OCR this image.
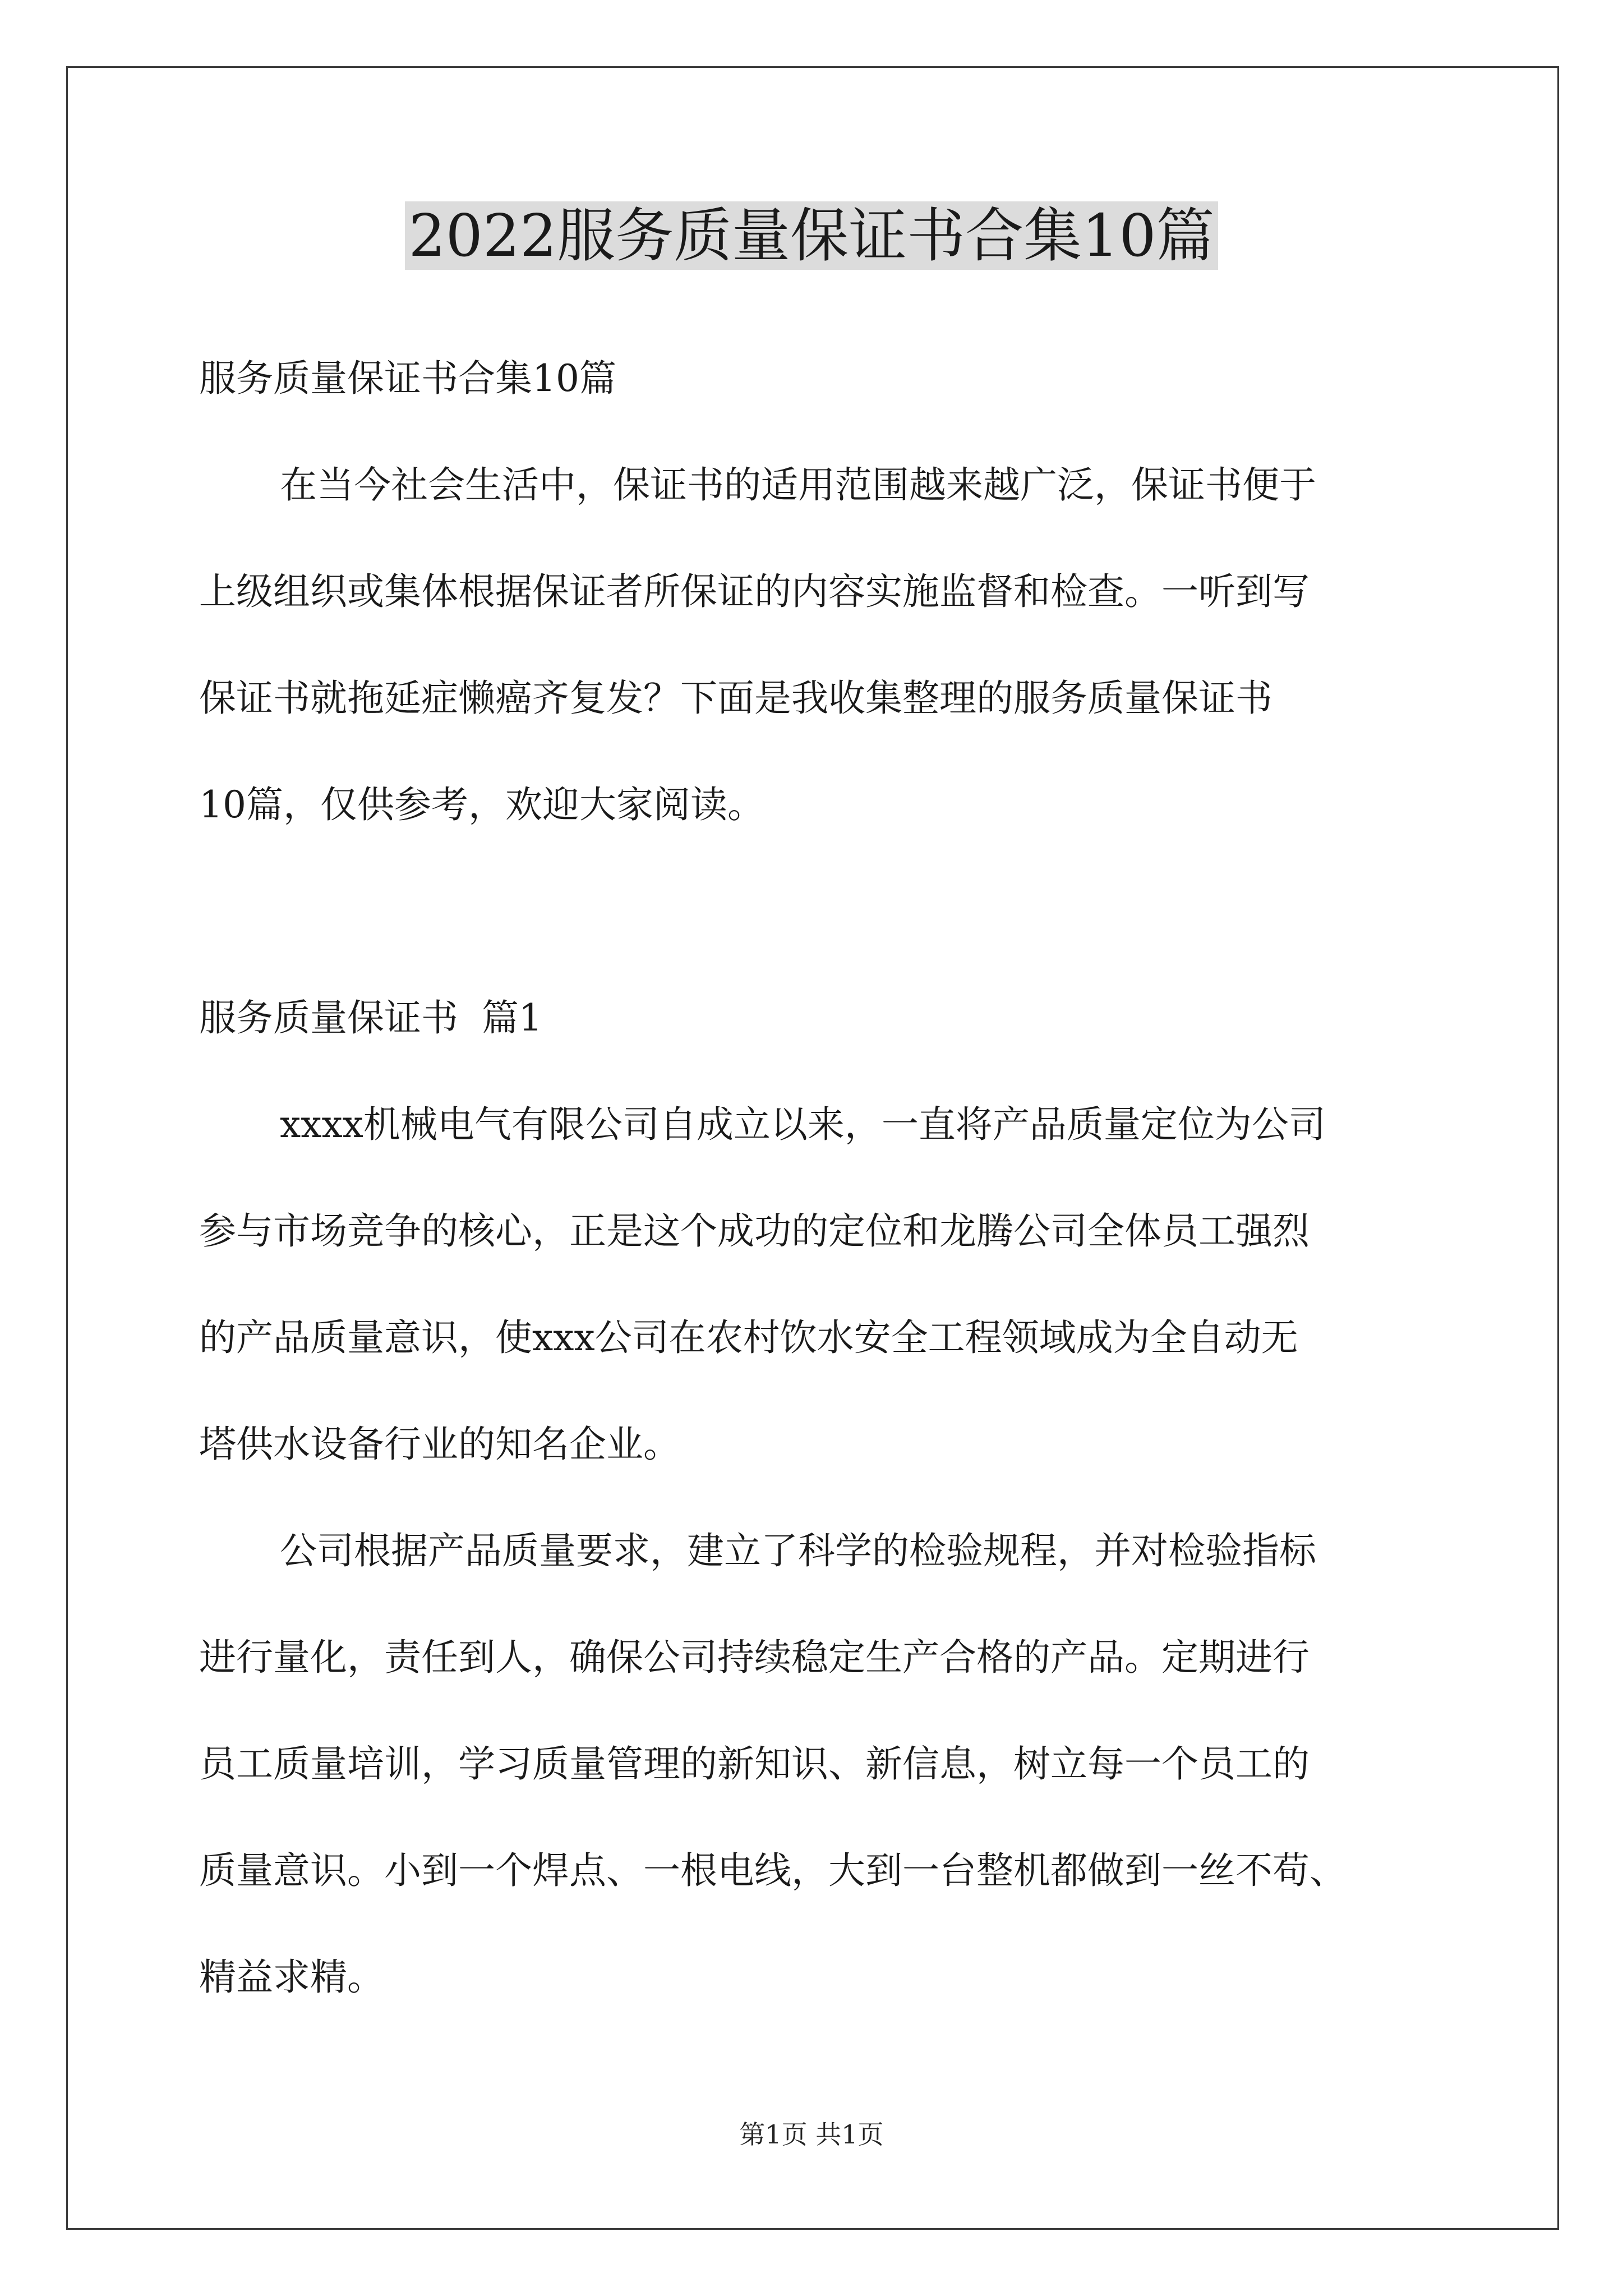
2022服务质量保证书合集10篇

服务质量保证书合集10篇

在当今社会生活中，保证书的适用范围越来越广泛，保证书便于

上级组织或集体根据保证者所保证的内容实施监督和检查。一听到写

保证书就拖延症懒癌齐复发？下面是我收集整理的服务质量保证书

10篇，仅供参考，欢迎大家阅读。

服务质量保证书  篇1

xxxx机械电气有限公司自成立以来，一直将产品质量定位为公司

参与市场竞争的核心，正是这个成功的定位和龙腾公司全体员工强烈

的产品质量意识，使xxx公司在农村饮水安全工程领域成为全自动无

塔供水设备行业的知名企业。

公司根据产品质量要求，建立了科学的检验规程，并对检验指标

进行量化，责任到人，确保公司持续稳定生产合格的产品。定期进行

员工质量培训，学习质量管理的新知识、新信息，树立每一个员工的

质量意识。小到一个焊点、一根电线，大到一台整机都做到一丝不苟、

精益求精。

第1页 共1页
